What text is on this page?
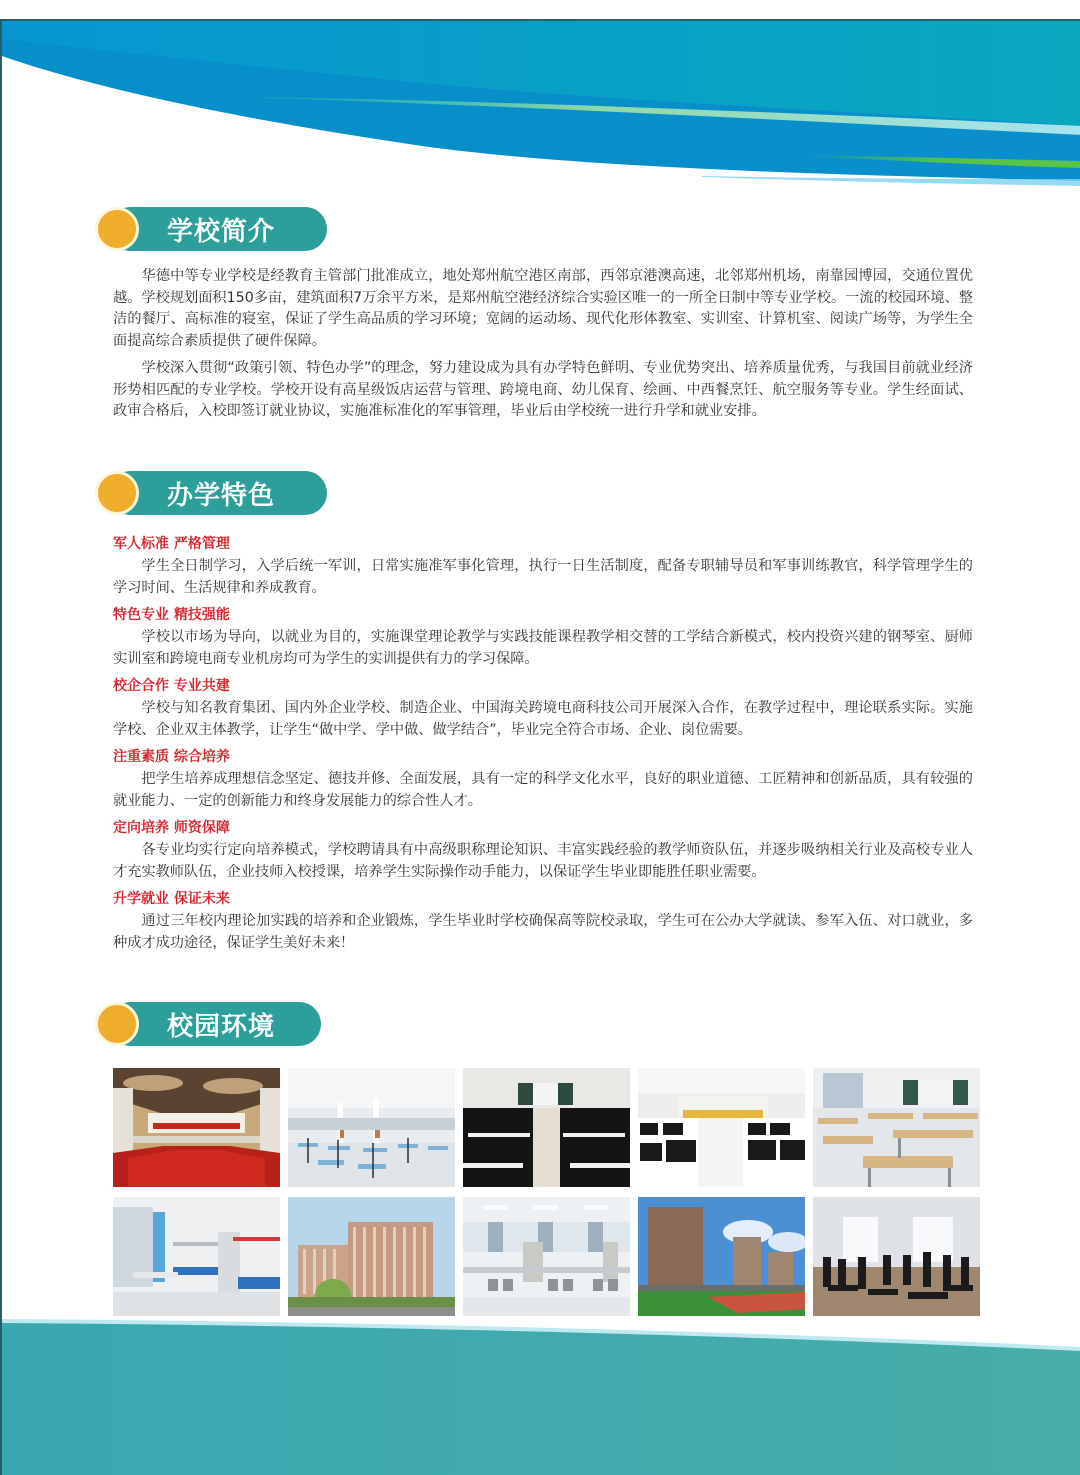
学校简介

华德中等专业学校是经教育主管部门批准成立，地处郑州航空港区南部，西邻京港澳高速，北邻郑州机场，南靠园博园，交通位置优越。学校规划面积150多亩，建筑面积7万余平方米，是郑州航空港经济综合实验区唯一的一所全日制中等专业学校。一流的校园环境、整洁的餐厅、高标准的寝室，保证了学生高品质的学习环境；宽阔的运动场、现代化形体教室、实训室、计算机室、阅读广场等，为学生全面提高综合素质提供了硬件保障。

学校深入贯彻“政策引领、特色办学”的理念，努力建设成为具有办学特色鲜明、专业优势突出、培养质量优秀，与我国目前就业经济形势相匹配的专业学校。学校开设有高星级饭店运营与管理、跨境电商、幼儿保育、绘画、中西餐烹饪、航空服务等专业。学生经面试、政审合格后，入校即签订就业协议，实施准标准化的军事管理，毕业后由学校统一进行升学和就业安排。

办学特色
军人标准 严格管理

学生全日制学习，入学后统一军训，日常实施准军事化管理，执行一日生活制度，配备专职辅导员和军事训练教官，科学管理学生的学习时间、生活规律和养成教育。

特色专业 精技强能

学校以市场为导向，以就业为目的，实施课堂理论教学与实践技能课程教学相交替的工学结合新模式，校内投资兴建的钢琴室、厨师实训室和跨境电商专业机房均可为学生的实训提供有力的学习保障。

校企合作 专业共建

学校与知名教育集团、国内外企业学校、制造企业、中国海关跨境电商科技公司开展深入合作，在教学过程中，理论联系实际。实施学校、企业双主体教学，让学生“做中学、学中做、做学结合”，毕业完全符合市场、企业、岗位需要。

注重素质 综合培养

把学生培养成理想信念坚定、德技并修、全面发展，具有一定的科学文化水平，良好的职业道德、工匠精神和创新品质，具有较强的就业能力、一定的创新能力和终身发展能力的综合性人才。

定向培养 师资保障

各专业均实行定向培养模式，学校聘请具有中高级职称理论知识、丰富实践经验的教学师资队伍，并逐步吸纳相关行业及高校专业人才充实教师队伍，企业技师入校授课，培养学生实际操作动手能力，以保证学生毕业即能胜任职业需要。

升学就业 保证未来

通过三年校内理论加实践的培养和企业锻炼，学生毕业时学校确保高等院校录取，学生可在公办大学就读、参军入伍、对口就业，多种成才成功途径，保证学生美好未来！

校园环境
